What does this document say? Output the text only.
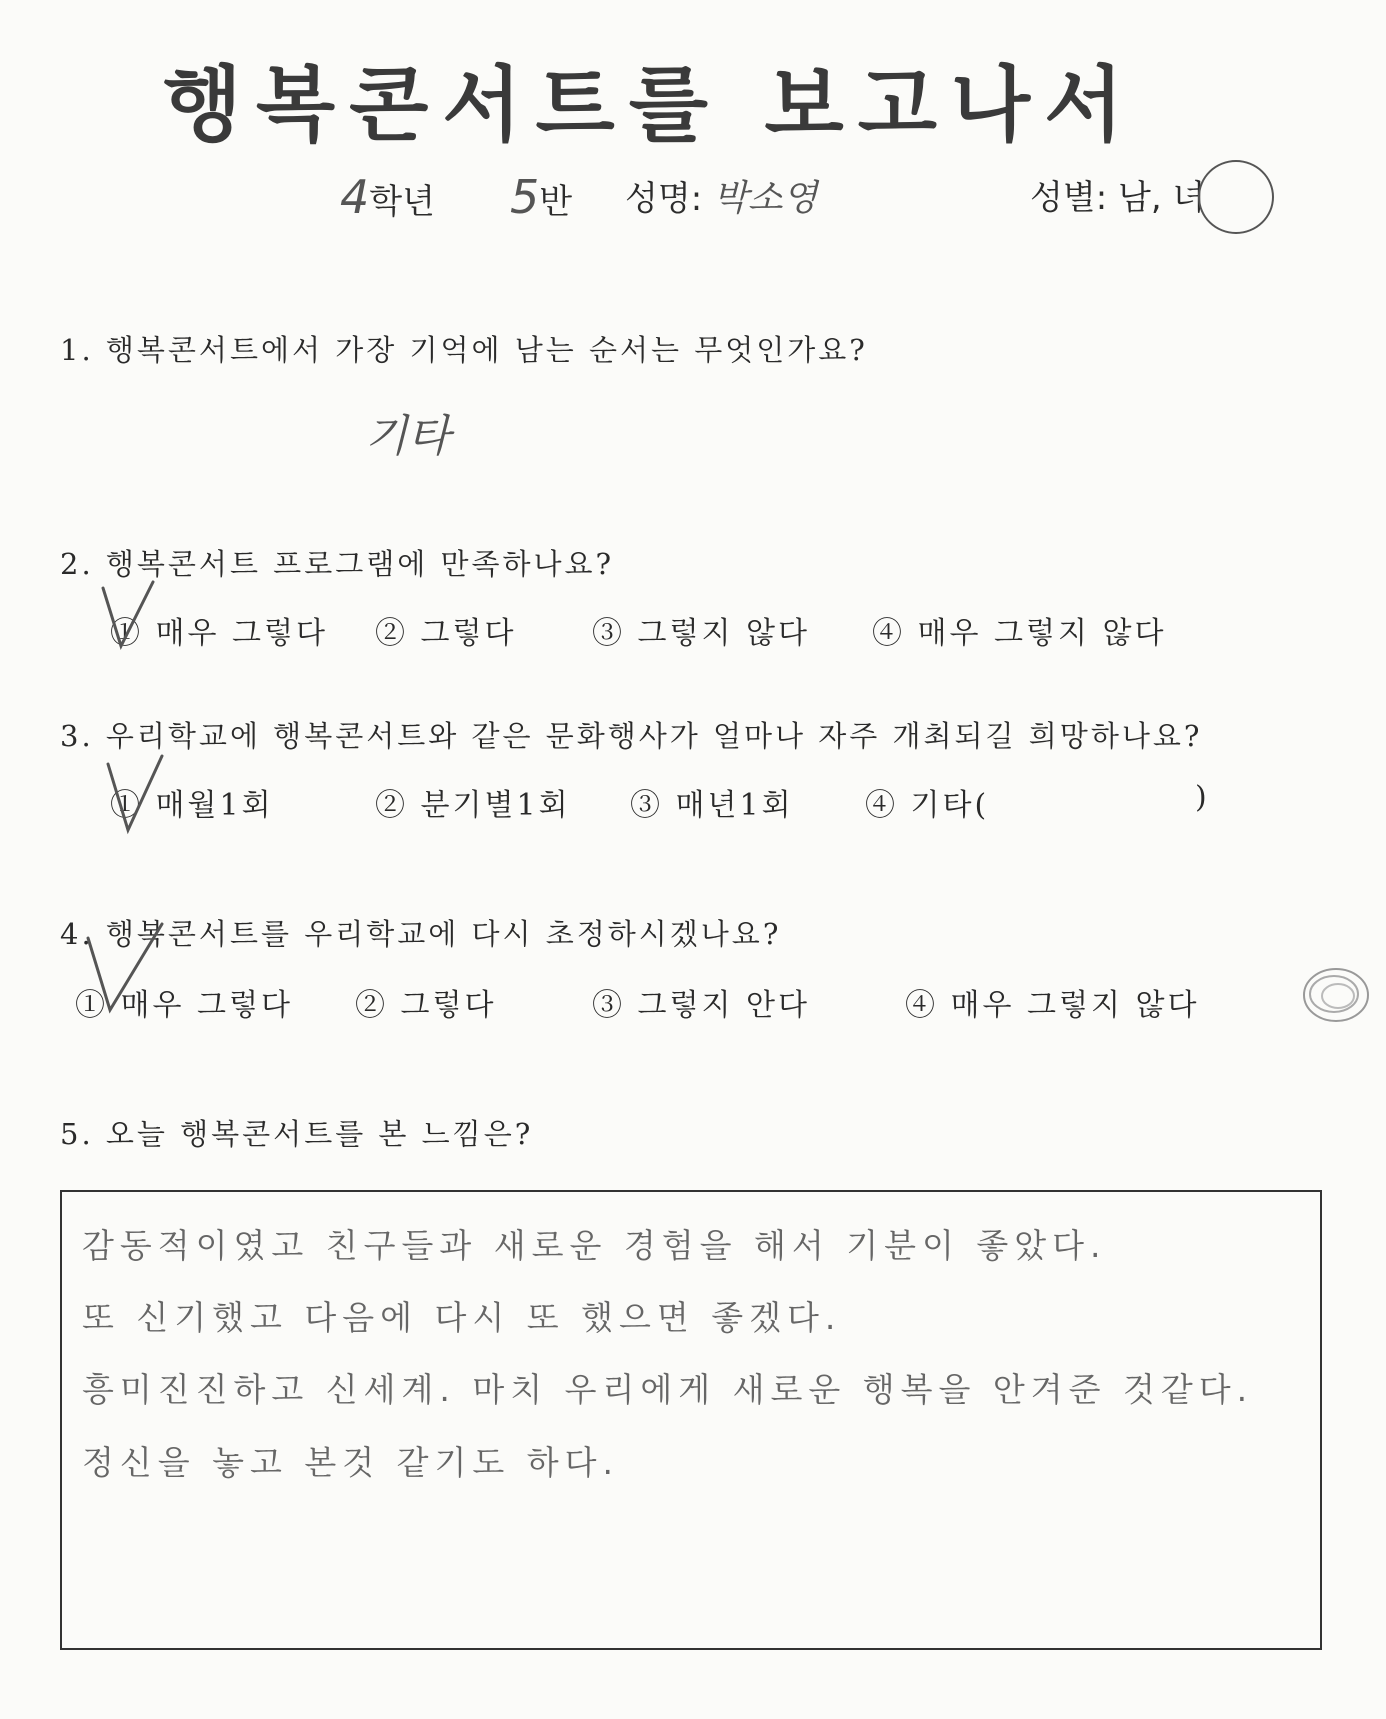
행복콘서트를 보고나서
4학년 5반 성명: 박소영	성별: 남, 녀
1. 행복콘서트에서 가장 기억에 남는 순서는 무엇인가요?
기타
2. 행복콘서트 프로그램에 만족하나요?
① 매우 그렇다 ② 그렇다	③ 그렇지 않다 ④ 매우 그렇지 않다
3. 우리학교에 행복콘서트와 같은 문화행사가 얼마나 자주 개최되길 희망하나요?
① 매월1회	② 분기별1회 ③ 매년1회 ④ 기타(	)
4. 행복콘서트를 우리학교에 다시 초정하시겠나요?
① 매우 그렇다 ② 그렇다	③ 그렇지 안다	④ 매우 그렇지 않다
5. 오늘 행복콘서트를 본 느낌은?
감동적이였고 친구들과 새로운 경험을 해서 기분이 좋았다.
또 신기했고 다음에 다시 또 했으면 좋겠다.
흥미진진하고 신세계. 마치 우리에게 새로운 행복을 안겨준 것같다.
정신을 놓고 본것 같기도 하다.
